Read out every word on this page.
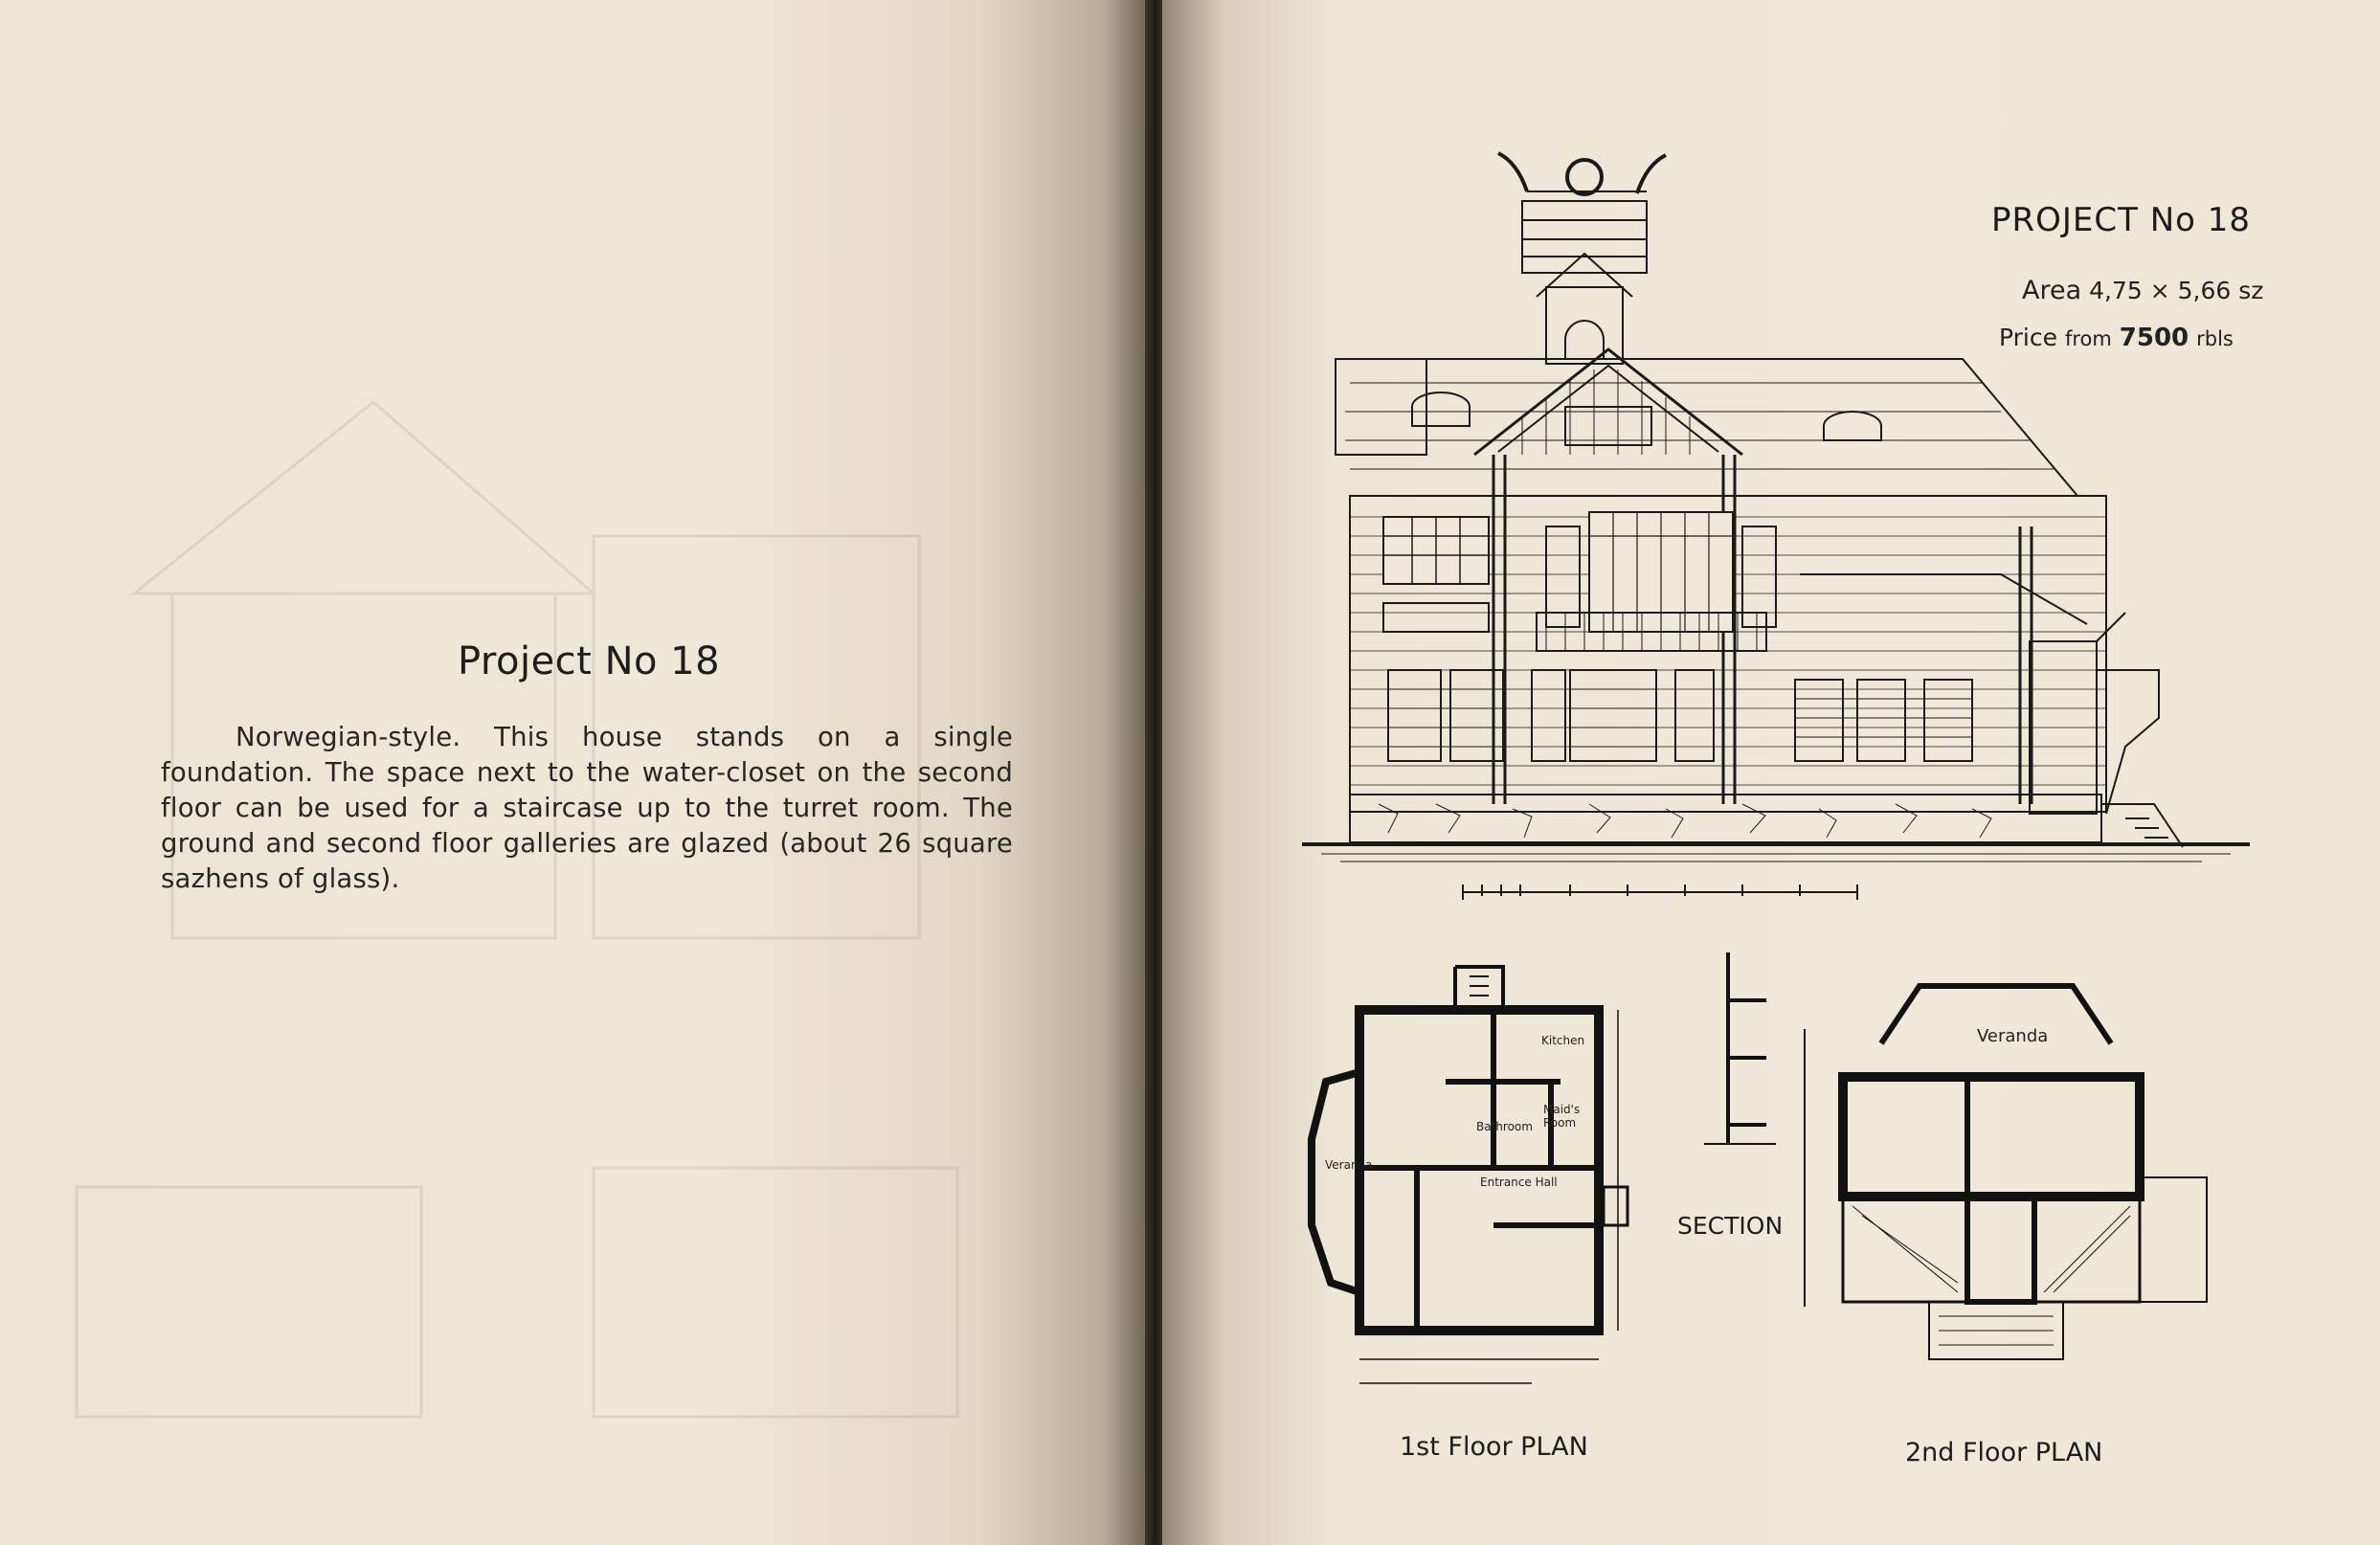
Project No 18
Norwegian-style. This house stands on a single foundation. The space next to the water-closet on the second floor can be used for a staircase up to the turret room. The ground and second floor galleries are glazed (about 26 square sazhens of glass).
PROJECT No 18
Area 4,75 × 5,66 sz
Price from 7500 rbls
Kitchen
Maid's Room
Bathroom
Entrance Hall
Veranda
SECTION
Veranda
1st Floor PLAN	2nd Floor PLAN
